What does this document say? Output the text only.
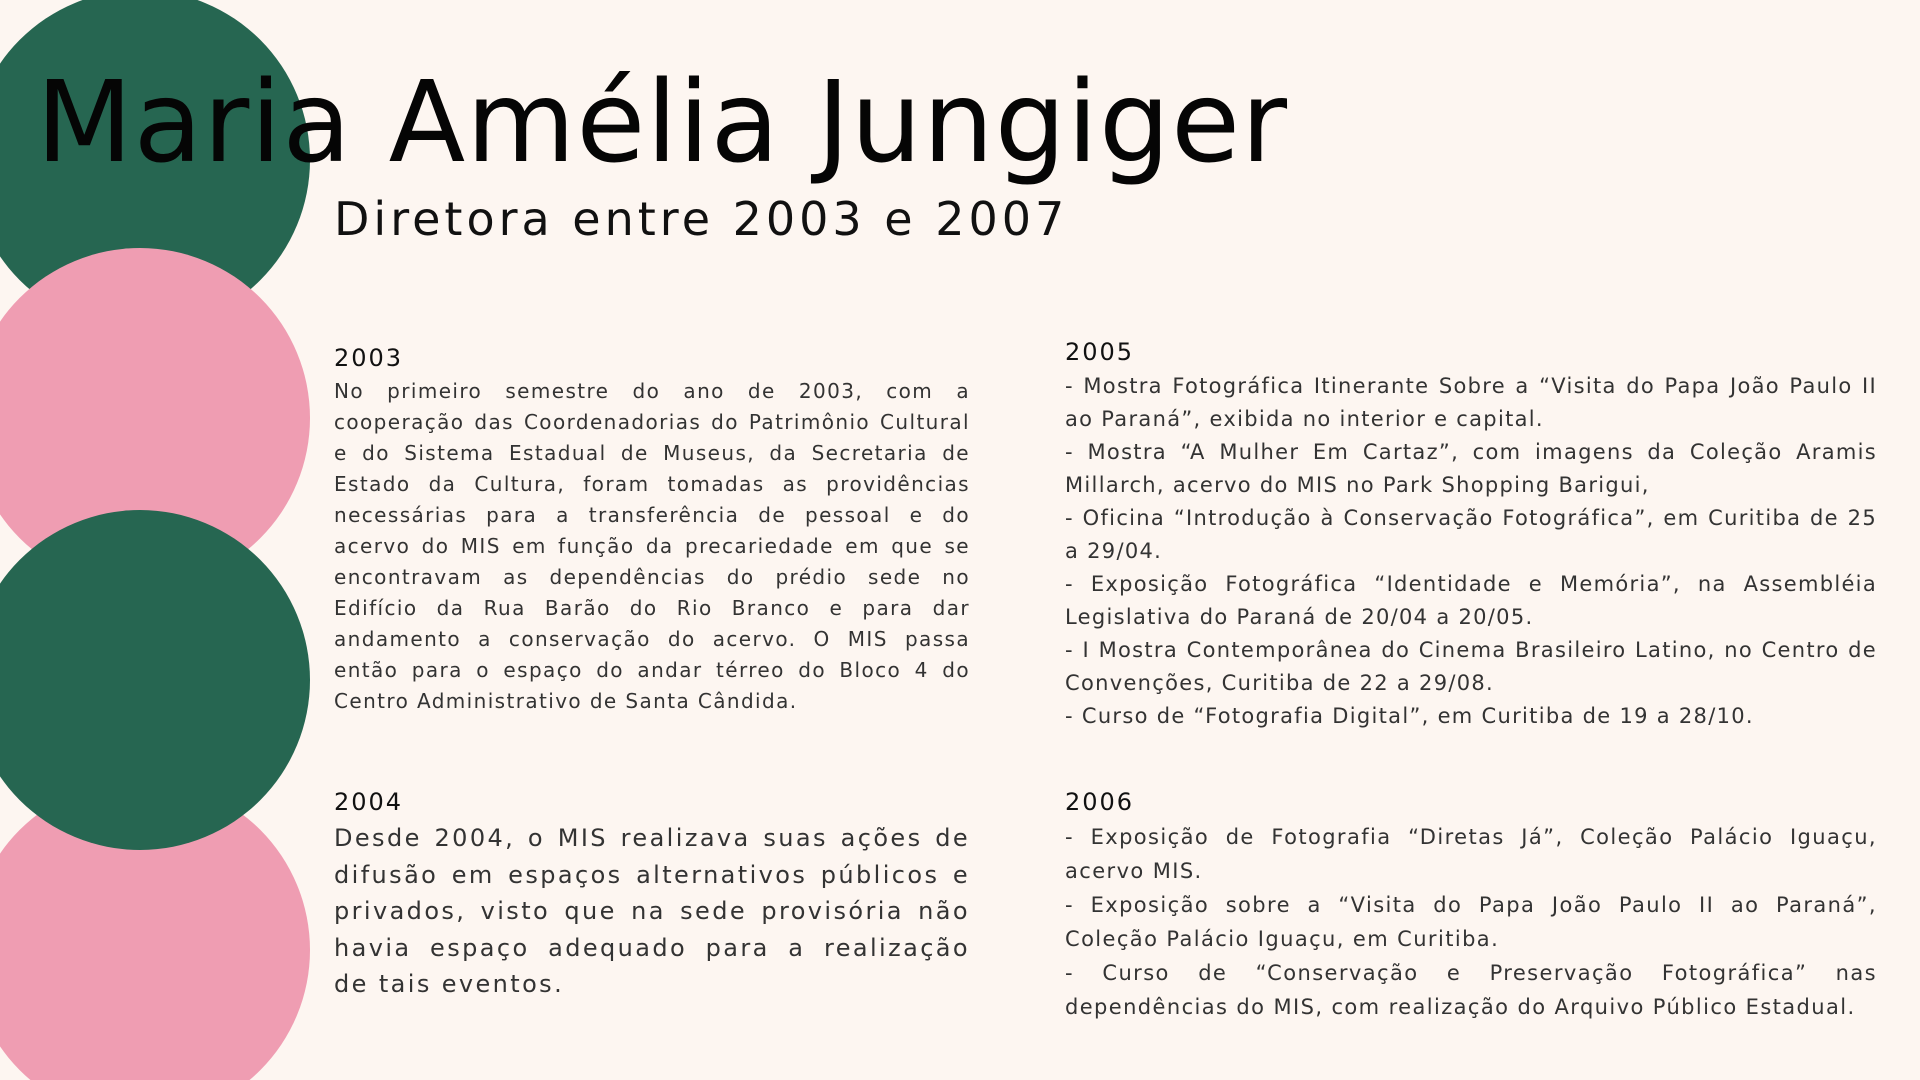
Maria Amélia Jungiger
Diretora entre 2003 e 2007
2003

No primeiro semestre do ano de 2003, com a cooperação das Coordenadorias do Patrimônio Cultural e do Sistema Estadual de Museus, da Secretaria de Estado da Cultura, foram tomadas as providências necessárias para a transferência de pessoal e do acervo do MIS em função da precariedade em que se encontravam as dependências do prédio sede no Edifício da Rua Barão do Rio Branco e para dar andamento a conservação do acervo. O MIS passa então para o espaço do andar térreo do Bloco 4 do Centro Administrativo de Santa Cândida.

2004

Desde 2004, o MIS realizava suas ações de difusão em espaços alternativos públicos e privados, visto que na sede provisória não havia espaço adequado para a realização de tais eventos.

2005

- Mostra Fotográfica Itinerante Sobre a “Visita do Papa João Paulo II ao Paraná”, exibida no interior e capital.

- Mostra “A Mulher Em Cartaz”, com imagens da Coleção Aramis Millarch, acervo do MIS no Park Shopping Barigui,

- Oficina “Introdução à Conservação Fotográfica”, em Curitiba de 25 a 29/04.

- Exposição Fotográfica “Identidade e Memória”, na Assembléia Legislativa do Paraná de 20/04 a 20/05.

- I Mostra Contemporânea do Cinema Brasileiro Latino, no Centro de Convenções, Curitiba de 22 a 29/08.

- Curso de “Fotografia Digital”, em Curitiba de 19 a 28/10.

2006

- Exposição de Fotografia “Diretas Já”, Coleção Palácio Iguaçu, acervo MIS.

- Exposição sobre a “Visita do Papa João Paulo II ao Paraná”, Coleção Palácio Iguaçu, em Curitiba.

- Curso de “Conservação e Preservação Fotográfica” nas dependências do MIS, com realização do Arquivo Público Estadual.
